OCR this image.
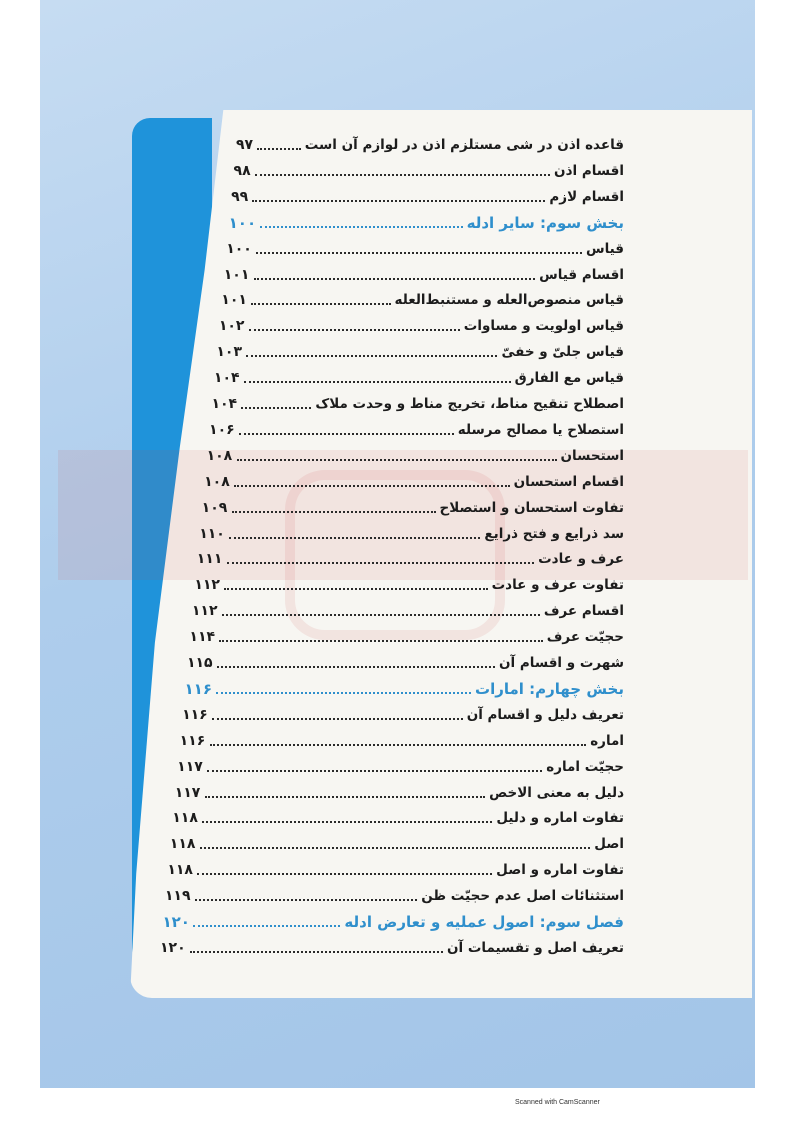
قاعده اذن در شی مستلزم اذن در لوازم آن است
۹۷
اقسام اذن
۹۸
اقسام لازم
۹۹
بخش سوم: سایر ادله
۱۰۰
قیاس
۱۰۰
اقسام قیاس
۱۰۱
قیاس منصوص‌العله و مستنبط‌العله
۱۰۱
قیاس اولویت و مساوات
۱۰۲
قیاس جلیّ و خفیّ
۱۰۳
قیاس مع الفارق
۱۰۴
اصطلاح تنقیح مناط، تخریج مناط و وحدت ملاک
۱۰۴
استصلاح یا مصالح مرسله
۱۰۶
استحسان
۱۰۸
اقسام استحسان
۱۰۸
تفاوت استحسان و استصلاح
۱۰۹
سد ذرایع و فتح ذرایع
۱۱۰
عرف و عادت
۱۱۱
تفاوت عرف و عادت
۱۱۲
اقسام عرف
۱۱۲
حجیّت عرف
۱۱۴
شهرت و اقسام آن
۱۱۵
بخش چهارم: امارات
۱۱۶
تعریف دلیل و اقسام آن
۱۱۶
اماره
۱۱۶
حجیّت اماره
۱۱۷
دلیل به معنی الاخص
۱۱۷
تفاوت اماره و دلیل
۱۱۸
اصل
۱۱۸
تفاوت اماره و اصل
۱۱۸
استثنائات اصل عدم حجیّت ظن
۱۱۹
فصل سوم: اصول عملیه و تعارض ادله
۱۲۰
تعریف اصل و تقسیمات آن
۱۲۰
Scanned with CamScanner
